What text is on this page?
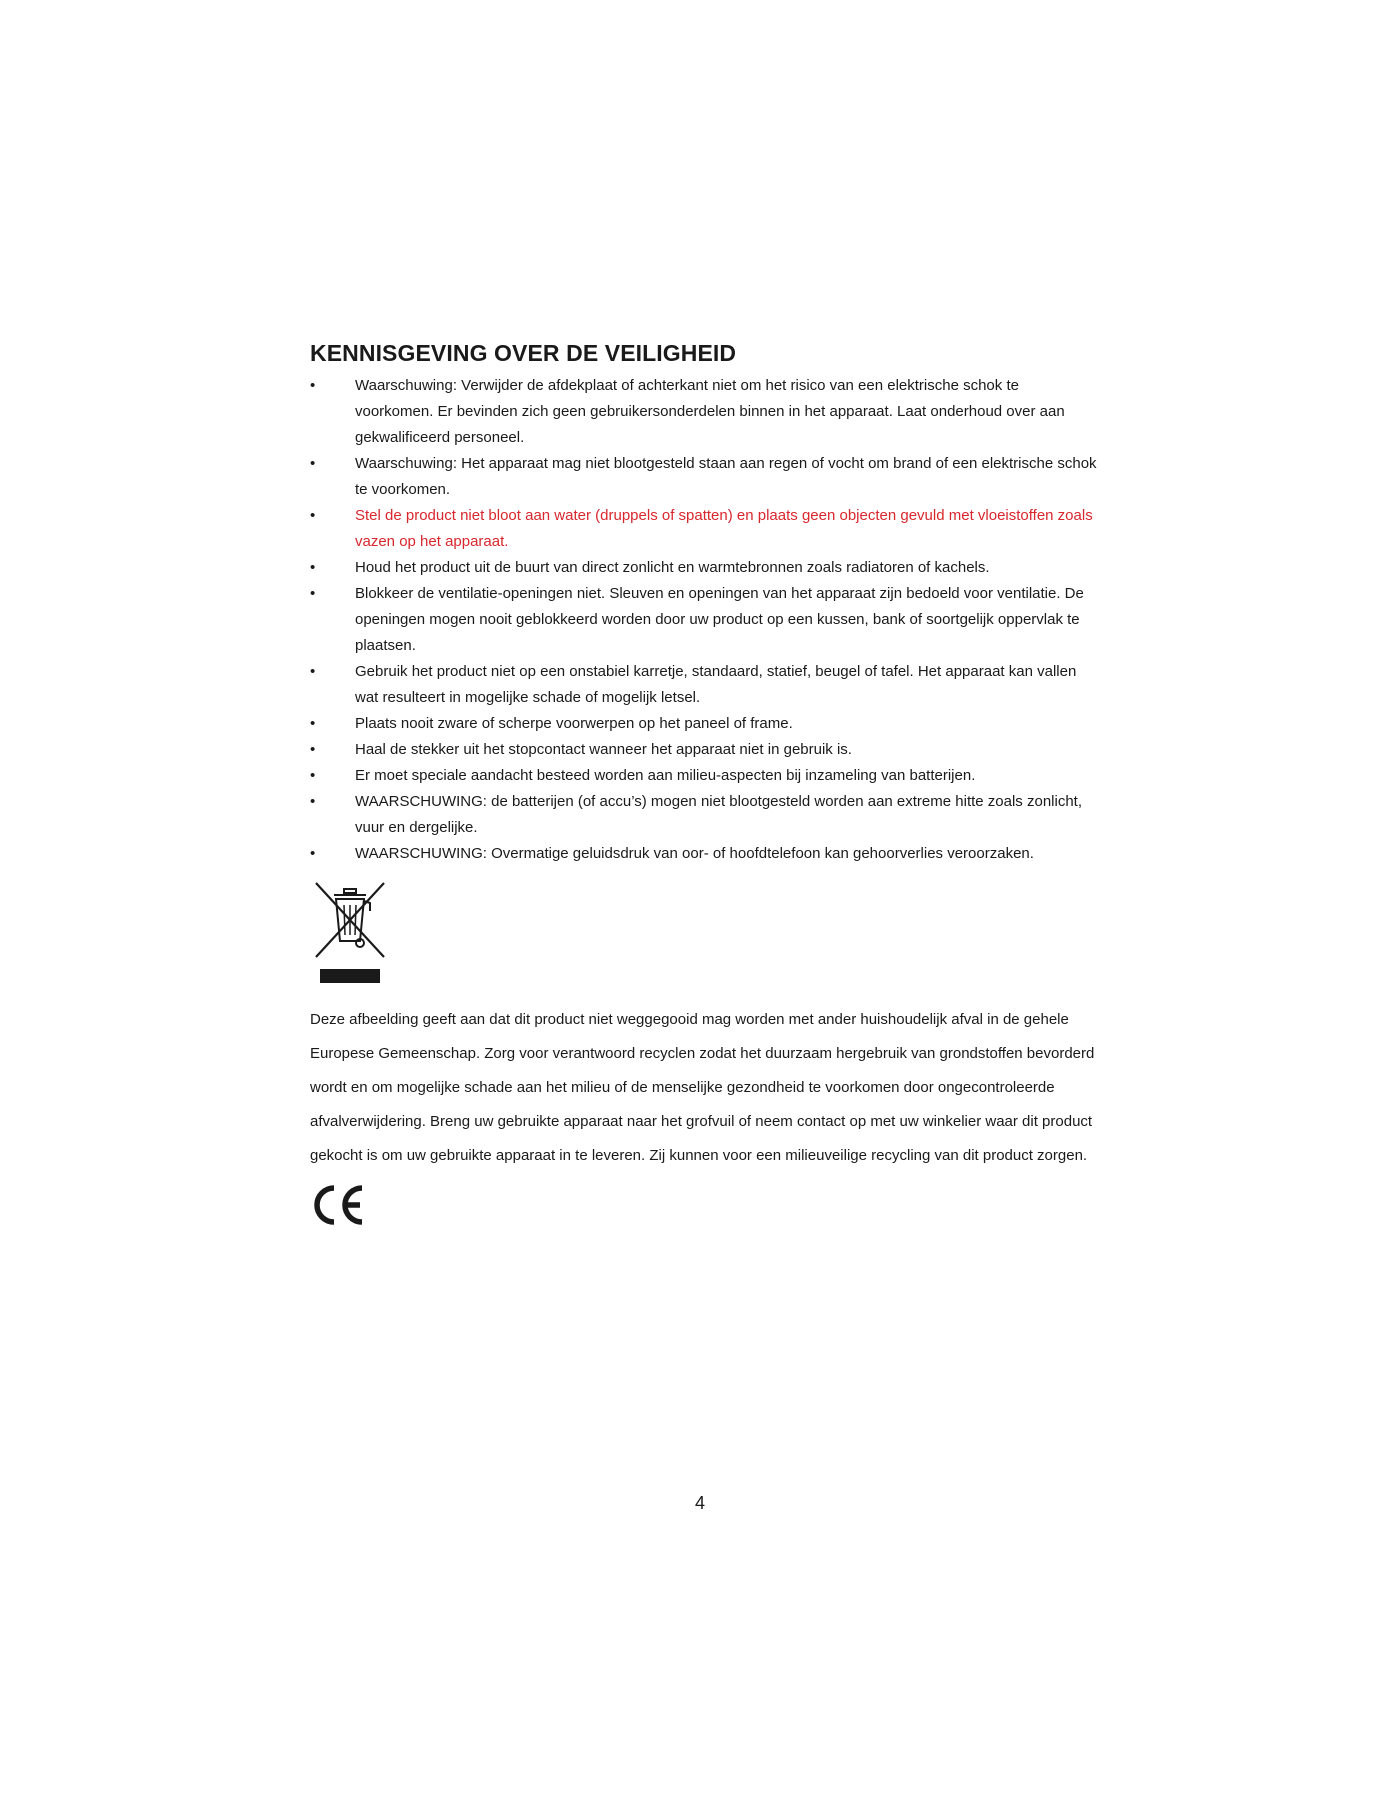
KENNISGEVING OVER DE VEILIGHEID
•	Waarschuwing: Verwijder de afdekplaat of achterkant niet om het risico van een elektrische schok te voorkomen. Er bevinden zich geen gebruikersonderdelen binnen in het apparaat. Laat onderhoud over aan gekwalificeerd personeel.
•	Waarschuwing: Het apparaat mag niet blootgesteld staan aan regen of vocht om brand of een elektrische schok te voorkomen.
•	Stel de product niet bloot aan water (druppels of spatten) en plaats geen objecten gevuld met vloeistoffen zoals vazen op het apparaat.
•	Houd het product uit de buurt van direct zonlicht en warmtebronnen zoals radiatoren of kachels.
•	Blokkeer de ventilatie-openingen niet. Sleuven en openingen van het apparaat zijn bedoeld voor ventilatie. De openingen mogen nooit geblokkeerd worden door uw product op een kussen, bank of soortgelijk oppervlak te plaatsen.
•	Gebruik het product niet op een onstabiel karretje, standaard, statief, beugel of tafel. Het apparaat kan vallen wat resulteert in mogelijke schade of mogelijk letsel.
•	Plaats nooit zware of scherpe voorwerpen op het paneel of frame.
•	Haal de stekker uit het stopcontact wanneer het apparaat niet in gebruik is.
•	Er moet speciale aandacht besteed worden aan milieu-aspecten bij inzameling van batterijen.
•	WAARSCHUWING: de batterijen (of accu’s) mogen niet blootgesteld worden aan extreme hitte zoals zonlicht, vuur en dergelijke.
•	WAARSCHUWING: Overmatige geluidsdruk van oor- of hoofdtelefoon kan gehoorverlies veroorzaken.
Deze afbeelding geeft aan dat dit product niet weggegooid mag worden met ander huishoudelijk afval in de gehele Europese Gemeenschap. Zorg voor verantwoord recyclen zodat het duurzaam hergebruik van grondstoffen bevorderd wordt en om mogelijke schade aan het milieu of de menselijke gezondheid te voorkomen door ongecontroleerde afvalverwijdering. Breng uw gebruikte apparaat naar het grofvuil of neem contact op met uw winkelier waar dit product gekocht is om uw gebruikte apparaat in te leveren. Zij kunnen voor een milieuveilige recycling van dit product zorgen.
4
